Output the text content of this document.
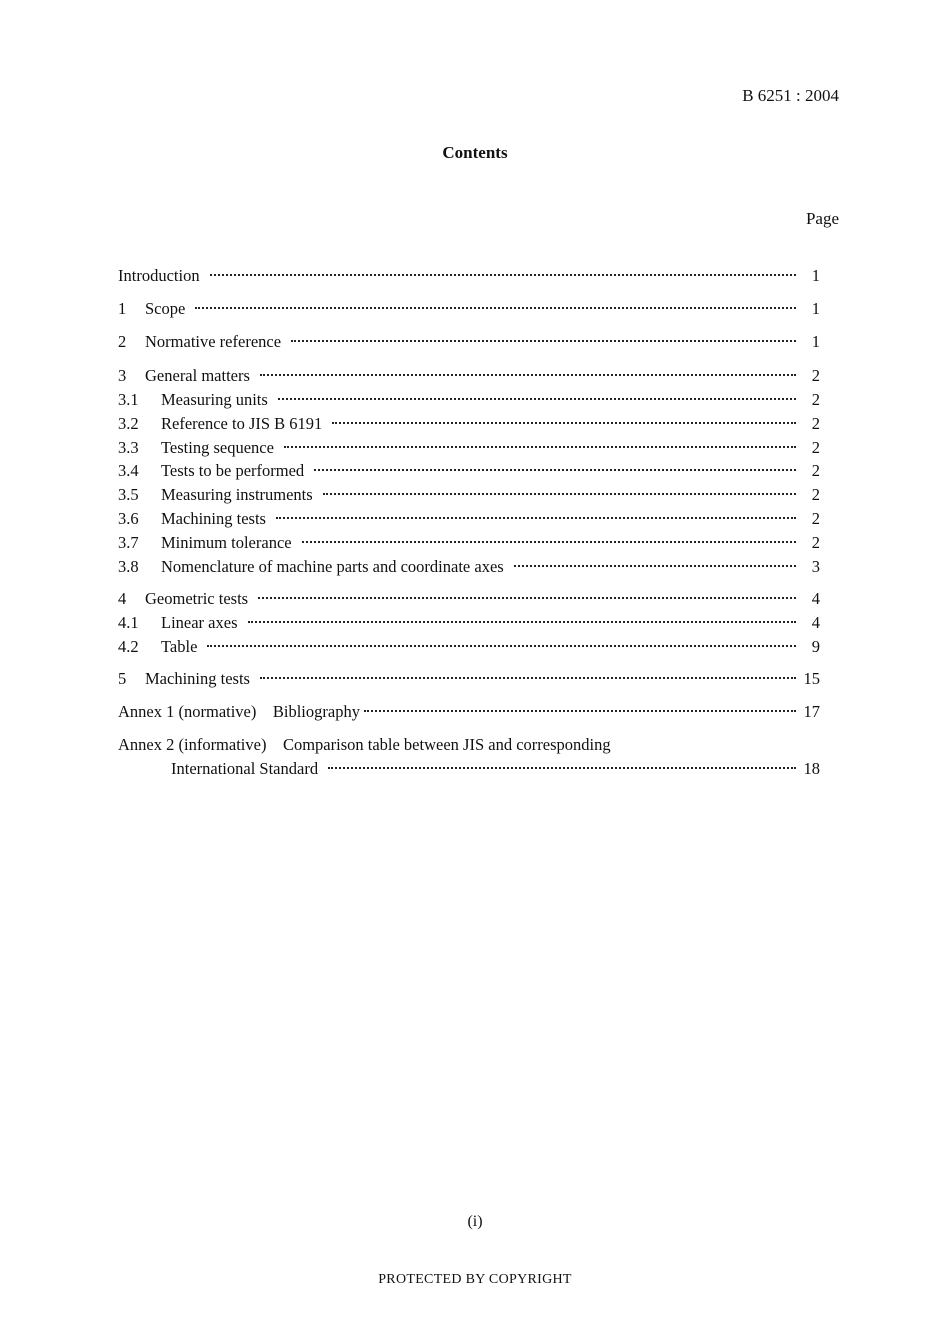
B 6251 : 2004
Contents
Page
Introduction	1
1	Scope	1
2	Normative reference	1
3	General matters	2
3.1	Measuring units	2
3.2	Reference to JIS B 6191	2
3.3	Testing sequence	2
3.4	Tests to be performed	2
3.5	Measuring instruments	2
3.6	Machining tests	2
3.7	Minimum tolerance	2
3.8	Nomenclature of machine parts and coordinate axes	3
4	Geometric tests	4
4.1	Linear axes	4
4.2	Table	9
5	Machining tests	15
Annex 1 (normative) Bibliography	17
Annex 2 (informative) Comparison table between JIS and corresponding
International Standard	18
(i)
PROTECTED BY COPYRIGHT
